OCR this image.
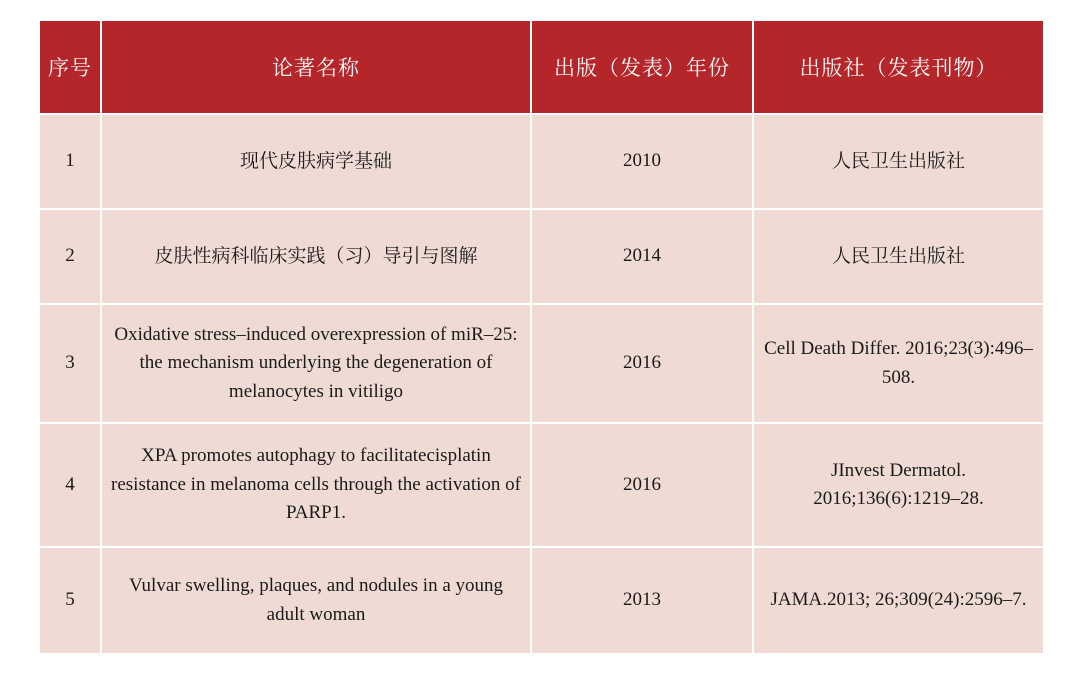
序号	论著名称	出版（发表）年份	出版社（发表刊物）
1	现代皮肤病学基础	2010	人民卫生出版社
2	皮肤性病科临床实践（习）导引与图解	2014	人民卫生出版社
3	Oxidative stress–induced overexpression of miR–25: the mechanism underlying the degeneration of melanocytes in vitiligo	2016	Cell Death Differ. 2016;23(3):496–508.
4	XPA promotes autophagy to facilitatecisplatin resistance in melanoma cells through the activation of PARP1.	2016	JInvest Dermatol. 2016;136(6):1219–28.
5	Vulvar swelling, plaques, and nodules in a young adult woman	2013	JAMA.2013; 26;309(24):2596–7.
